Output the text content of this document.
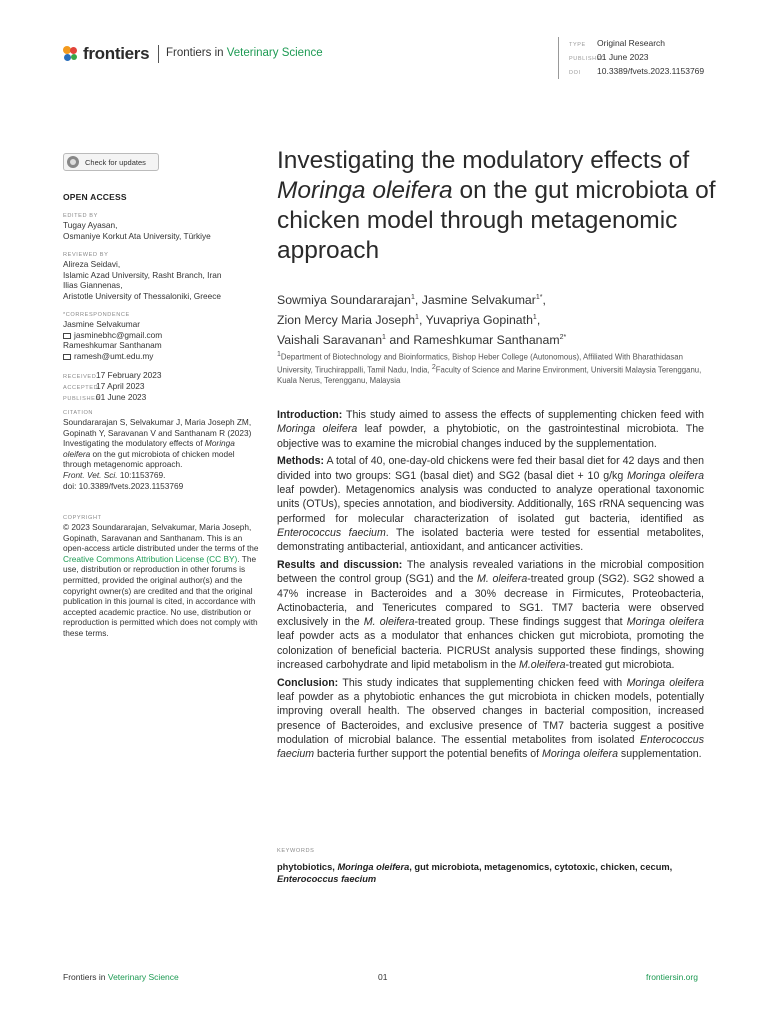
frontiers Frontiers in Veterinary Science
TYPE Original Research
PUBLISHED01 June 2023
DOI 10.3389/fvets.2023.1153769
Check for updates
OPEN ACCESS
EDITED BY
Tugay Ayasan,
Osmaniye Korkut Ata University, Türkiye
REVIEWED BY
Alireza Seidavi,
Islamic Azad University, Rasht Branch, Iran
Ilias Giannenas,
Aristotle University of Thessaloniki, Greece
*CORRESPONDENCE
Jasmine Selvakumar
jasminebhc@gmail.com
Rameshkumar Santhanam
ramesh@umt.edu.my
RECEIVED17 February 2023
ACCEPTED17 April 2023
PUBLISHED01 June 2023
CITATION
Soundararajan S, Selvakumar J, Maria Joseph ZM, Gopinath Y, Saravanan V and Santhanam R (2023) Investigating the modulatory effects of Moringa oleifera on the gut microbiota of chicken model through metagenomic approach.
Front. Vet. Sci. 10:1153769.
doi: 10.3389/fvets.2023.1153769
COPYRIGHT
© 2023 Soundararajan, Selvakumar, Maria Joseph, Gopinath, Saravanan and Santhanam. This is an open-access article distributed under the terms of the Creative Commons Attribution License (CC BY). The use, distribution or reproduction in other forums is permitted, provided the original author(s) and the copyright owner(s) are credited and that the original publication in this journal is cited, in accordance with accepted academic practice. No use, distribution or reproduction is permitted which does not comply with these terms.
Investigating the modulatory effects of Moringa oleifera on the gut microbiota of chicken model through metagenomic approach
Sowmiya Soundararajan$^1$, Jasmine Selvakumar$^{1*}$,
Zion Mercy Maria Joseph$^1$, Yuvapriya Gopinath$^1$,
Vaishali Saravanan$^1$ and Rameshkumar Santhanam$^{2*}$
$^1$Department of Biotechnology and Bioinformatics, Bishop Heber College (Autonomous), Affiliated With Bharathidasan University, Tiruchirappalli, Tamil Nadu, India, $^2$Faculty of Science and Marine Environment, Universiti Malaysia Terengganu, Kuala Nerus, Terengganu, Malaysia

Introduction: This study aimed to assess the effects of supplementing chicken feed with Moringa oleifera leaf powder, a phytobiotic, on the gastrointestinal microbiota. The objective was to examine the microbial changes induced by the supplementation.

Methods: A total of 40, one-day-old chickens were fed their basal diet for 42 days and then divided into two groups: SG1 (basal diet) and SG2 (basal diet + 10 g/kg Moringa oleifera leaf powder). Metagenomics analysis was conducted to analyze operational taxonomic units (OTUs), species annotation, and biodiversity. Additionally, 16S rRNA sequencing was performed for molecular characterization of isolated gut bacteria, identified as Enterococcus faecium. The isolated bacteria were tested for essential metabolites, demonstrating antibacterial, antioxidant, and anticancer activities.

Results and discussion: The analysis revealed variations in the microbial composition between the control group (SG1) and the M. oleifera-treated group (SG2). SG2 showed a 47% increase in Bacteroides and a 30% decrease in Firmicutes, Proteobacteria, Actinobacteria, and Tenericutes compared to SG1. TM7 bacteria were observed exclusively in the M. oleifera-treated group. These findings suggest that Moringa oleifera leaf powder acts as a modulator that enhances chicken gut microbiota, promoting the colonization of beneficial bacteria. PICRUSt analysis supported these findings, showing increased carbohydrate and lipid metabolism in the M.oleifera-treated gut microbiota.

Conclusion: This study indicates that supplementing chicken feed with Moringa oleifera leaf powder as a phytobiotic enhances the gut microbiota in chicken models, potentially improving overall health. The observed changes in bacterial composition, increased presence of Bacteroides, and exclusive presence of TM7 bacteria suggest a positive modulation of microbial balance. The essential metabolites from isolated Enterococcus faecium bacteria further support the potential benefits of Moringa oleifera supplementation.

KEYWORDS
phytobiotics, Moringa oleifera, gut microbiota, metagenomics, cytotoxic, chicken, cecum, Enterococcus faecium
Frontiers in Veterinary Science	01	frontiersin.org
